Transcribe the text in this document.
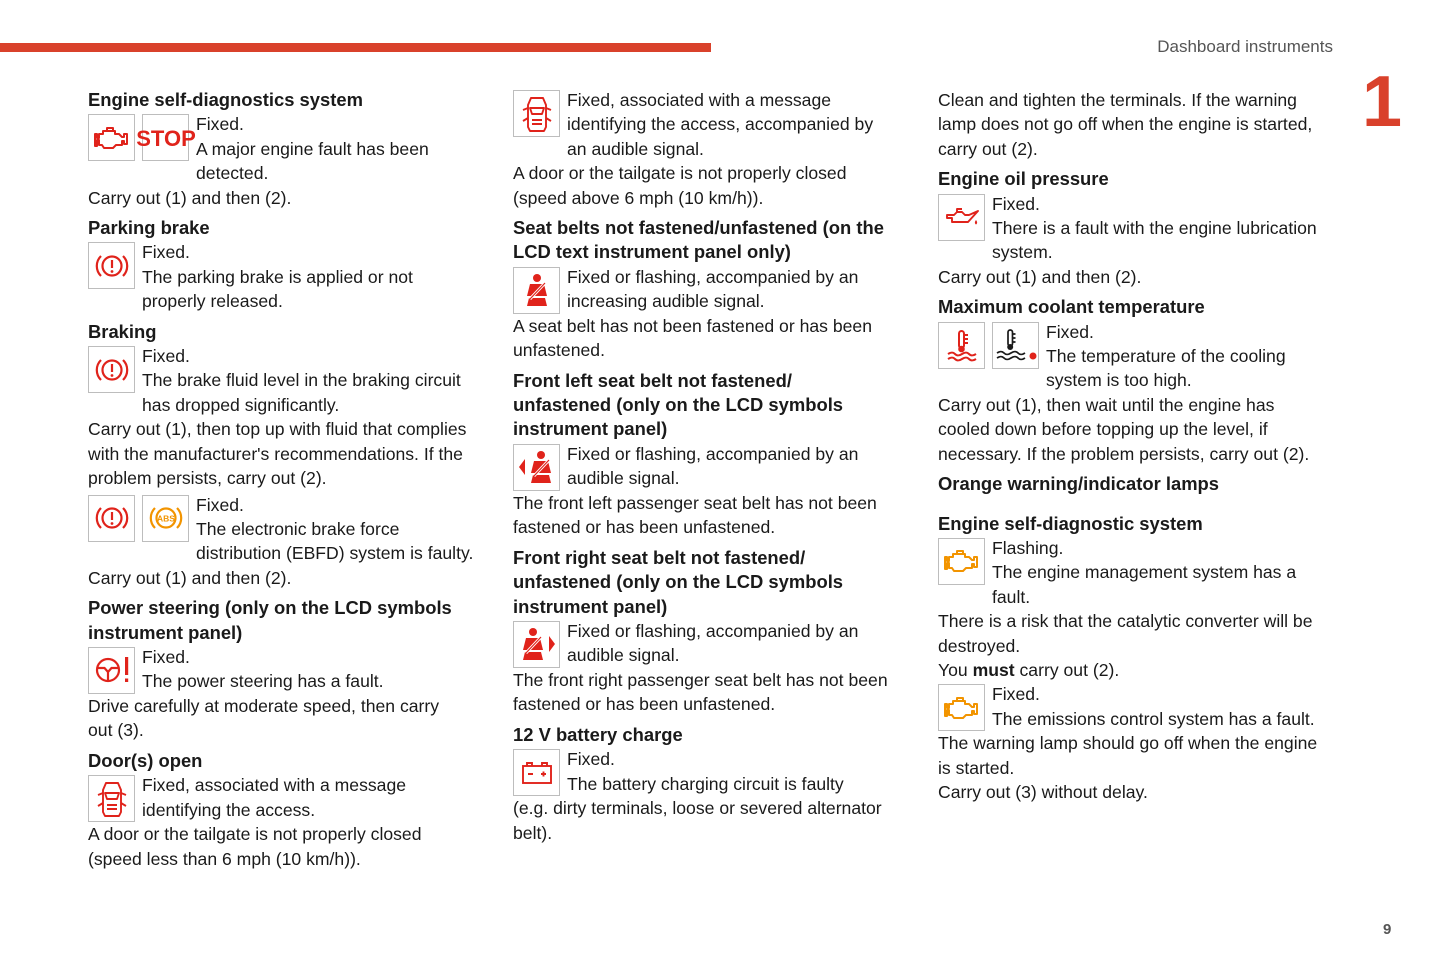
Dashboard instruments
1
9
Engine self-diagnostics system
STOP

Fixed.

A major engine fault has been

detected.

Carry out (1) and then (2).

Parking brake

Fixed.

The parking brake is applied or not

properly released.

Braking

Fixed.

The brake fluid level in the braking circuit

has dropped significantly.

Carry out (1), then top up with fluid that complies

with the manufacturer's recommendations. If the

problem persists, carry out (2).

ABS

Fixed.

The electronic brake force

distribution (EBFD) system is faulty.

Carry out (1) and then (2).

Power steering (only on the LCD symbols
instrument panel)

Fixed.

The power steering has a fault.

Drive carefully at moderate speed, then carry

out (3).

Door(s) open

Fixed, associated with a message

identifying the access.

A door or the tailgate is not properly closed

(speed less than 6 mph (10 km/h)).

Fixed, associated with a message

identifying the access, accompanied by

an audible signal.

A door or the tailgate is not properly closed

(speed above 6 mph (10 km/h)).

Seat belts not fastened/unfastened (on the
LCD text instrument panel only)

Fixed or flashing, accompanied by an

increasing audible signal.

A seat belt has not been fastened or has been

unfastened.

Front left seat belt not fastened/
unfastened (only on the LCD symbols
instrument panel)

Fixed or flashing, accompanied by an

audible signal.

The front left passenger seat belt has not been

fastened or has been unfastened.

Front right seat belt not fastened/
unfastened (only on the LCD symbols
instrument panel)

Fixed or flashing, accompanied by an

audible signal.

The front right passenger seat belt has not been

fastened or has been unfastened.

12 V battery charge

Fixed.

The battery charging circuit is faulty

(e.g. dirty terminals, loose or severed alternator

belt).

Clean and tighten the terminals. If the warning

lamp does not go off when the engine is started,

carry out (2).

Engine oil pressure

Fixed.

There is a fault with the engine lubrication

system.

Carry out (1) and then (2).

Maximum coolant temperature

Fixed.

The temperature of the cooling

system is too high.

Carry out (1), then wait until the engine has

cooled down before topping up the level, if

necessary. If the problem persists, carry out (2).

Orange warning/indicator lamps
Engine self-diagnostic system

Flashing.

The engine management system has a

fault.

There is a risk that the catalytic converter will be

destroyed.

You must carry out (2).

Fixed.

The emissions control system has a fault.

The warning lamp should go off when the engine

is started.

Carry out (3) without delay.
